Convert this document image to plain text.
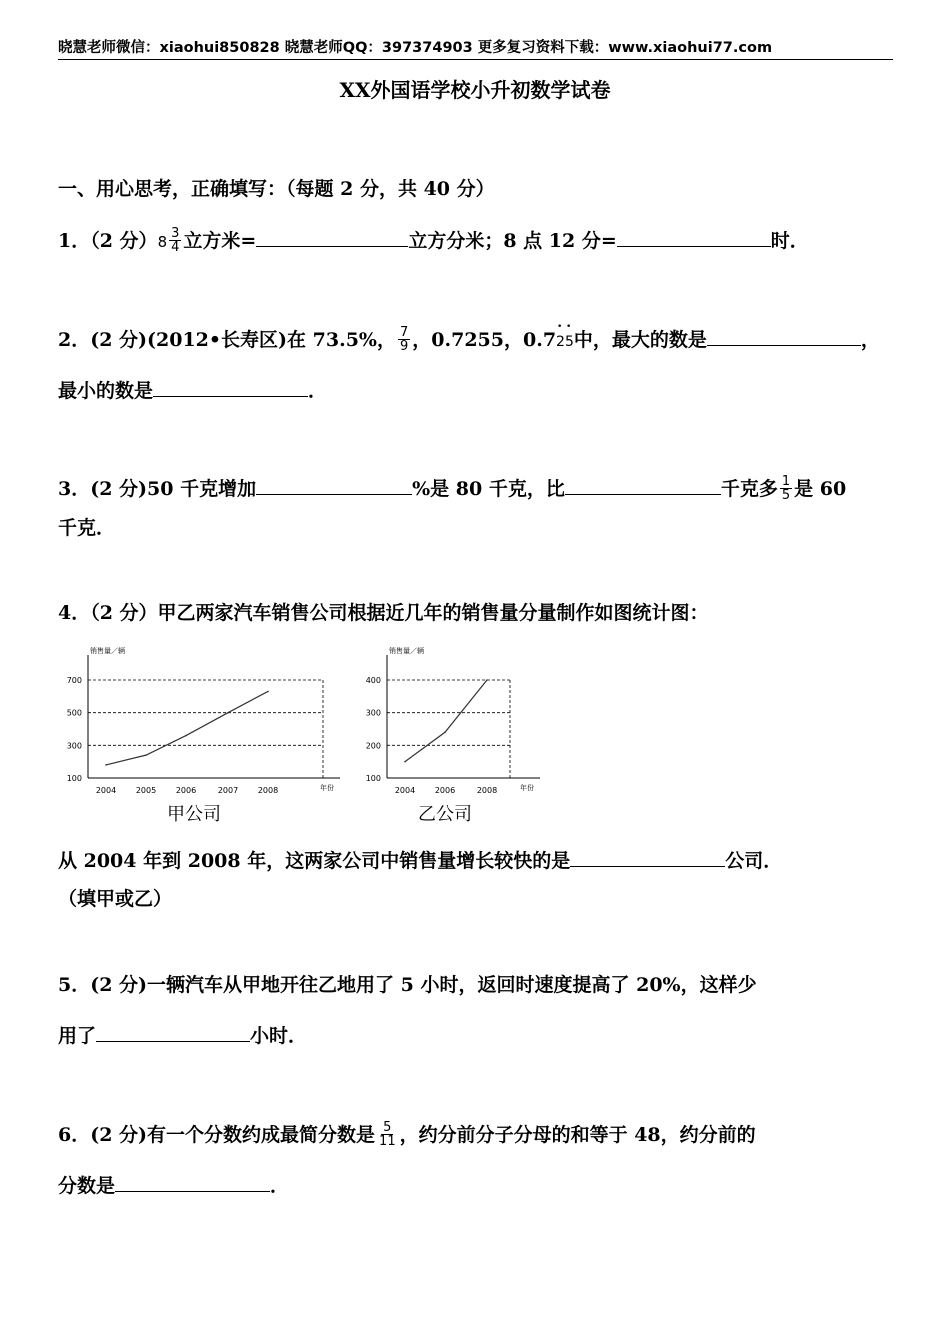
晓慧老师微信：xiaohui850828 晓慧老师QQ：397374903 更多复习资料下载：www.xiaohui77.com
XX外国语学校小升初数学试卷
一、用心思考，正确填写：（每题 2 分，共 40 分）
1．（2 分）$8 \frac{3}{4}$ 立方米=	立方分米；8 点 12 分=	时．
2．(2 分)(2012•长寿区)在 73.5%， $\frac{7}{9}$ ，0.7255，0.7• 2• 5中，最大的数是	，
最小的数是	．
3．(2 分)50 千克增加	%是 80 千克，比	千克多 $\frac{1}{5}$ 是 60
千克．
4．（2 分）甲乙两家汽车销售公司根据近几年的销售量分量制作如图统计图：
销售量／辆
年份
700
500
300
100
2004 2005 2006	2007 2008
甲公司
销售量／辆
年份
400
300
200
100
2004 2006	2008
乙公司
从 2004 年到 2008 年，这两家公司中销售量增长较快的是	公司．
（填甲或乙）
5．(2 分)一辆汽车从甲地开往乙地用了 5 小时，返回时速度提高了 20%，这样少
用了	小时．
6．(2 分)有一个分数约成最简分数是 $\frac{5}{11}$ ，约分前分子分母的和等于 48，约分前的
分数是	．
